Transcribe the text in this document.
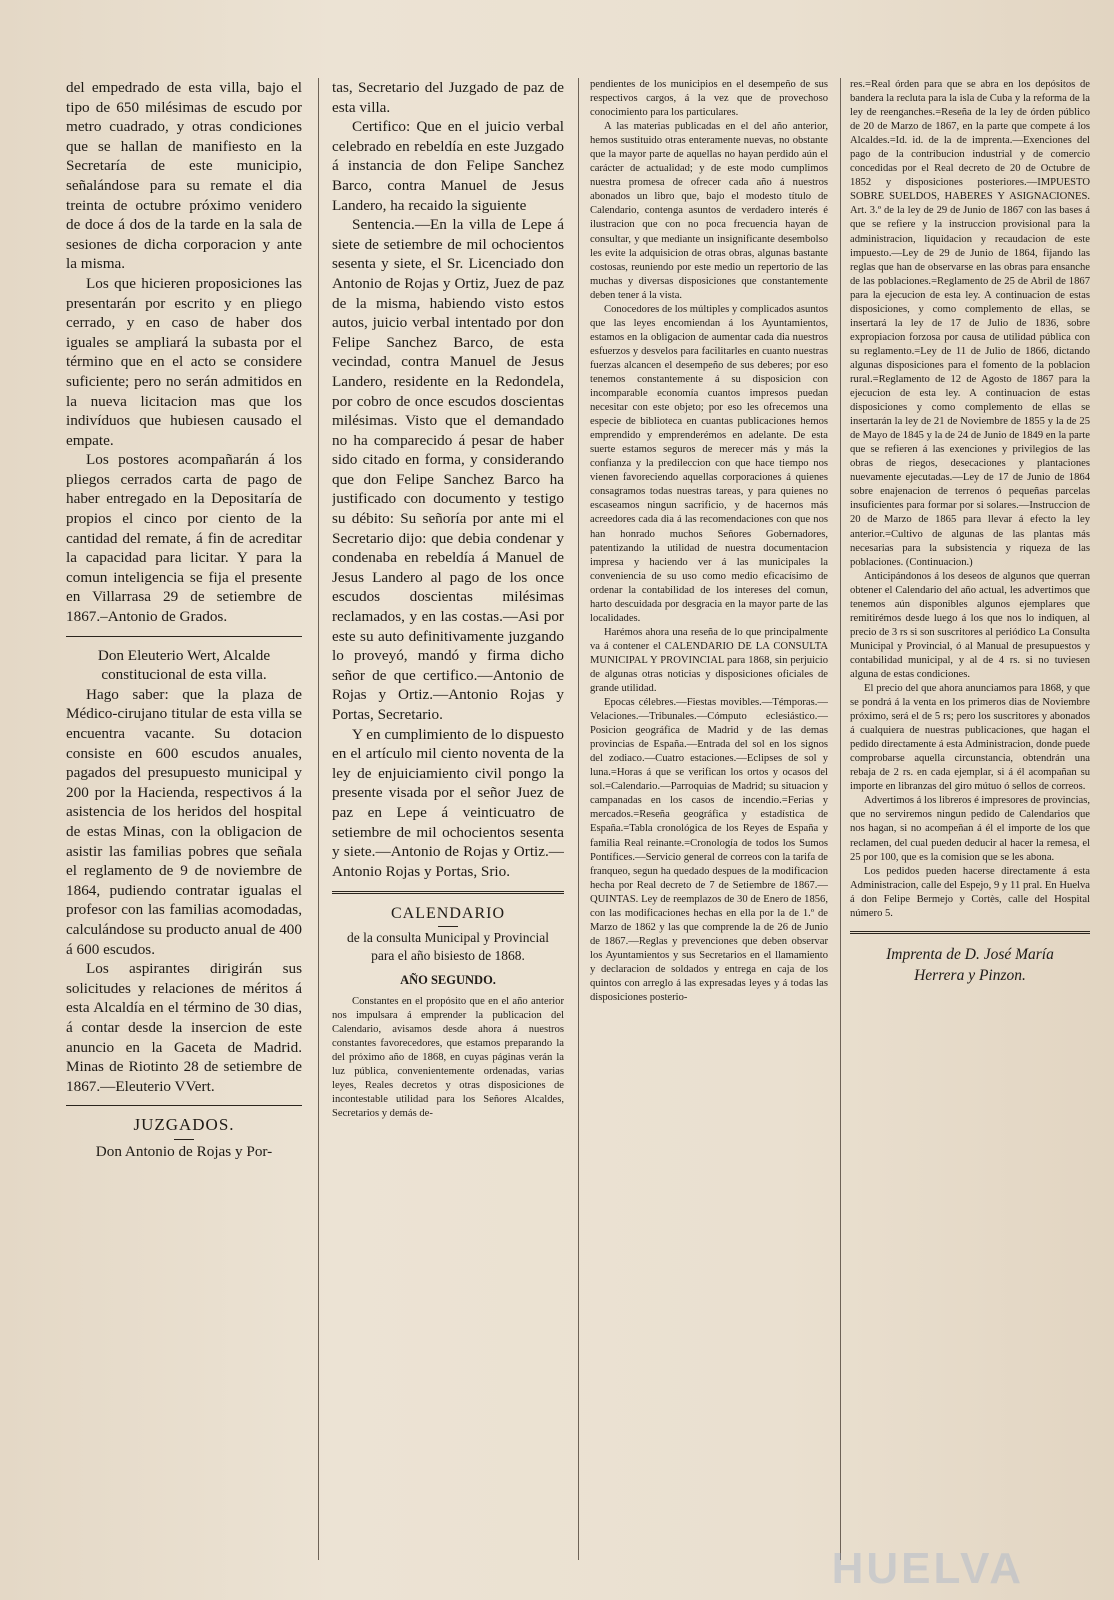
del empedrado de esta villa, bajo el tipo de 650 milésimas de escudo por metro cuadrado, y otras condiciones que se hallan de manifiesto en la Secretaría de este municipio, señalándose para su remate el dia treinta de octubre próximo venidero de doce á dos de la tarde en la sala de sesiones de dicha corporacion y ante la misma.

Los que hicieren proposiciones las presentarán por escrito y en pliego cerrado, y en caso de haber dos iguales se ampliará la subasta por el término que en el acto se considere suficiente; pero no serán admitidos en la nueva licitacion mas que los indivíduos que hubiesen causado el empate.

Los postores acompañarán á los pliegos cerrados carta de pago de haber entregado en la Depositaría de propios el cinco por ciento de la cantidad del remate, á fin de acreditar la capacidad para licitar. Y para la comun inteligencia se fija el presente en Villarrasa 29 de setiembre de 1867.–Antonio de Grados.

Don Eleuterio Wert, Alcalde constitucional de esta villa.

Hago saber: que la plaza de Médico-cirujano titular de esta villa se encuentra vacante. Su dotacion consiste en 600 escudos anuales, pagados del presupuesto municipal y 200 por la Hacienda, respectivos á la asistencia de los heridos del hospital de estas Minas, con la obligacion de asistir las familias pobres que señala el reglamento de 9 de noviembre de 1864, pudiendo contratar igualas el profesor con las familias acomodadas, calculándose su producto anual de 400 á 600 escudos.

Los aspirantes dirigirán sus solicitudes y relaciones de méritos á esta Alcaldía en el término de 30 dias, á contar desde la insercion de este anuncio en la Gaceta de Madrid. Minas de Riotinto 28 de setiembre de 1867.—Eleuterio VVert.

JUZGADOS.

Don Antonio de Rojas y Por-

tas, Secretario del Juzgado de paz de esta villa.

Certifico: Que en el juicio verbal celebrado en rebeldía en este Juzgado á instancia de don Felipe Sanchez Barco, contra Manuel de Jesus Landero, ha recaido la siguiente

Sentencia.—En la villa de Lepe á siete de setiembre de mil ochocientos sesenta y siete, el Sr. Licenciado don Antonio de Rojas y Ortiz, Juez de paz de la misma, habiendo visto estos autos, juicio verbal intentado por don Felipe Sanchez Barco, de esta vecindad, contra Manuel de Jesus Landero, residente en la Redondela, por cobro de once escudos doscientas milésimas. Visto que el demandado no ha comparecido á pesar de haber sido citado en forma, y considerando que don Felipe Sanchez Barco ha justificado con documento y testigo su débito: Su señoría por ante mi el Secretario dijo: que debia condenar y condenaba en rebeldía á Manuel de Jesus Landero al pago de los once escudos doscientas milésimas reclamados, y en las costas.—Asi por este su auto definitivamente juzgando lo proveyó, mandó y firma dicho señor de que certifico.—Antonio de Rojas y Ortiz.—Antonio Rojas y Portas, Secretario.

Y en cumplimiento de lo dispuesto en el artículo mil ciento noventa de la ley de enjuiciamiento civil pongo la presente visada por el señor Juez de paz en Lepe á veinticuatro de setiembre de mil ochocientos sesenta y siete.—Antonio de Rojas y Ortiz.—Antonio Rojas y Portas, Srio.

CALENDARIO

de la consulta Municipal y Provincial para el año bisiesto de 1868.

AÑO SEGUNDO.

Constantes en el propósito que en el año anterior nos impulsara á emprender la publicacion del Calendario, avisamos desde ahora á nuestros constantes favorecedores, que estamos preparando la del próximo año de 1868, en cuyas páginas verán la luz pública, convenientemente ordenadas, varias leyes, Reales decretos y otras disposiciones de incontestable utilidad para los Señores Alcaldes, Secretarios y demás de-

pendientes de los municipios en el desempeño de sus respectivos cargos, á la vez que de provechoso conocimiento para los particulares.

A las materias publicadas en el del año anterior, hemos sustituido otras enteramente nuevas, no obstante que la mayor parte de aquellas no hayan perdido aún el carácter de actualidad; y de este modo cumplimos nuestra promesa de ofrecer cada año á nuestros abonados un libro que, bajo el modesto título de Calendario, contenga asuntos de verdadero interés é ilustracion que con no poca frecuencia hayan de consultar, y que mediante un insignificante desembolso les evite la adquisicion de otras obras, algunas bastante costosas, reuniendo por este medio un repertorio de las muchas y diversas disposiciones que constantemente deben tener á la vista.

Conocedores de los múltiples y complicados asuntos que las leyes encomiendan á los Ayuntamientos, estamos en la obligacion de aumentar cada dia nuestros esfuerzos y desvelos para facilitarles en cuanto nuestras fuerzas alcancen el desempeño de sus deberes; por eso tenemos constantemente á su disposicion con incomparable economía cuantos impresos puedan necesitar con este objeto; por eso les ofrecemos una especie de biblioteca en cuantas publicaciones hemos emprendido y emprenderémos en adelante. De esta suerte estamos seguros de merecer más y más la confianza y la predileccion con que hace tiempo nos vienen favoreciendo aquellas corporaciones á quienes consagramos todas nuestras tareas, y para quienes no escaseamos ningun sacrificio, y de hacernos más acreedores cada dia á las recomendaciones con que nos han honrado muchos Señores Gobernadores, patentizando la utilidad de nuestra documentacion impresa y haciendo ver á las municipales la conveniencia de su uso como medio eficacísimo de ordenar la contabilidad de los intereses del comun, harto descuidada por desgracia en la mayor parte de las localidades.

Harémos ahora una reseña de lo que principalmente va á contener el CALENDARIO DE LA CONSULTA MUNICIPAL Y PROVINCIAL para 1868, sin perjuicio de algunas otras noticias y disposiciones oficiales de grande utilidad.

Epocas célebres.—Fiestas movibles.—Témporas.—Velaciones.—Tribunales.—Cómputo eclesiástico.—Posicion geográfica de Madrid y de las demas provincias de España.—Entrada del sol en los signos del zodiaco.—Cuatro estaciones.—Eclipses de sol y luna.=Horas á que se verifican los ortos y ocasos del sol.=Calendario.—Parroquias de Madrid; su situacion y campanadas en los casos de incendio.=Ferias y mercados.=Reseña geográfica y estadística de España.=Tabla cronológica de los Reyes de España y familia Real reinante.=Cronología de todos los Sumos Pontífices.—Servicio general de correos con la tarifa de franqueo, segun ha quedado despues de la modificacion hecha por Real decreto de 7 de Setiembre de 1867.—QUINTAS. Ley de reemplazos de 30 de Enero de 1856, con las modificaciones hechas en ella por la de 1.º de Marzo de 1862 y las que comprende la de 26 de Junio de 1867.—Reglas y prevenciones que deben observar los Ayuntamientos y sus Secretarios en el llamamiento y declaracion de soldados y entrega en caja de los quintos con arreglo á las expresadas leyes y á todas las disposiciones posterio-

res.=Real órden para que se abra en los depósitos de bandera la recluta para la isla de Cuba y la reforma de la ley de reenganches.=Reseña de la ley de órden público de 20 de Marzo de 1867, en la parte que compete á los Alcaldes.=Id. id. de la de imprenta.—Exenciones del pago de la contribucion industrial y de comercio concedidas por el Real decreto de 20 de Octubre de 1852 y disposiciones posteriores.—IMPUESTO SOBRE SUELDOS, HABERES Y ASIGNACIONES. Art. 3.º de la ley de 29 de Junio de 1867 con las bases á que se refiere y la instruccion provisional para la administracion, liquidacion y recaudacion de este impuesto.—Ley de 29 de Junio de 1864, fijando las reglas que han de observarse en las obras para ensanche de las poblaciones.=Reglamento de 25 de Abril de 1867 para la ejecucion de esta ley. A continuacion de estas disposiciones, y como complemento de ellas, se insertará la ley de 17 de Julio de 1836, sobre expropiacion forzosa por causa de utilidad pública con su reglamento.=Ley de 11 de Julio de 1866, dictando algunas disposiciones para el fomento de la poblacion rural.=Reglamento de 12 de Agosto de 1867 para la ejecucion de esta ley. A continuacion de estas disposiciones y como complemento de ellas se insertarán la ley de 21 de Noviembre de 1855 y la de 25 de Mayo de 1845 y la de 24 de Junio de 1849 en la parte que se refieren á las exenciones y privilegios de las obras de riegos, desecaciones y plantaciones nuevamente ejecutadas.—Ley de 17 de Junio de 1864 sobre enajenacion de terrenos ó pequeñas parcelas insuficientes para formar por si solares.—Instruccion de 20 de Marzo de 1865 para llevar á efecto la ley anterior.=Cultivo de algunas de las plantas más necesarias para la subsistencia y riqueza de las poblaciones. (Continuacion.)

Anticipándonos á los deseos de algunos que querran obtener el Calendario del año actual, les advertimos que tenemos aún disponibles algunos ejemplares que remitirémos desde luego á los que nos lo indiquen, al precio de 3 rs si son suscritores al periódico La Consulta Municipal y Provincial, ó al Manual de presupuestos y contabilidad municipal, y al de 4 rs. si no tuviesen alguna de estas condiciones.

El precio del que ahora anunciamos para 1868, y que se pondrá á la venta en los primeros dias de Noviembre próximo, será el de 5 rs; pero los suscritores y abonados á cualquiera de nuestras publicaciones, que hagan el pedido directamente á esta Administracion, donde puede comprobarse aquella circunstancia, obtendrán una rebaja de 2 rs. en cada ejemplar, si á él acompañan su importe en libranzas del giro mútuo ó sellos de correos.

Advertimos á los libreros é impresores de provincias, que no serviremos ningun pedido de Calendarios que nos hagan, si no acompeñan á él el importe de los que reclamen, del cual pueden deducir al hacer la remesa, el 25 por 100, que es la comision que se les abona.

Los pedidos pueden hacerse directamente á esta Administracion, calle del Espejo, 9 y 11 pral. En Huelva á don Felipe Bermejo y Cortès, calle del Hospital número 5.

Imprenta de D. José María
Herrera y Pinzon.
HUELVA
